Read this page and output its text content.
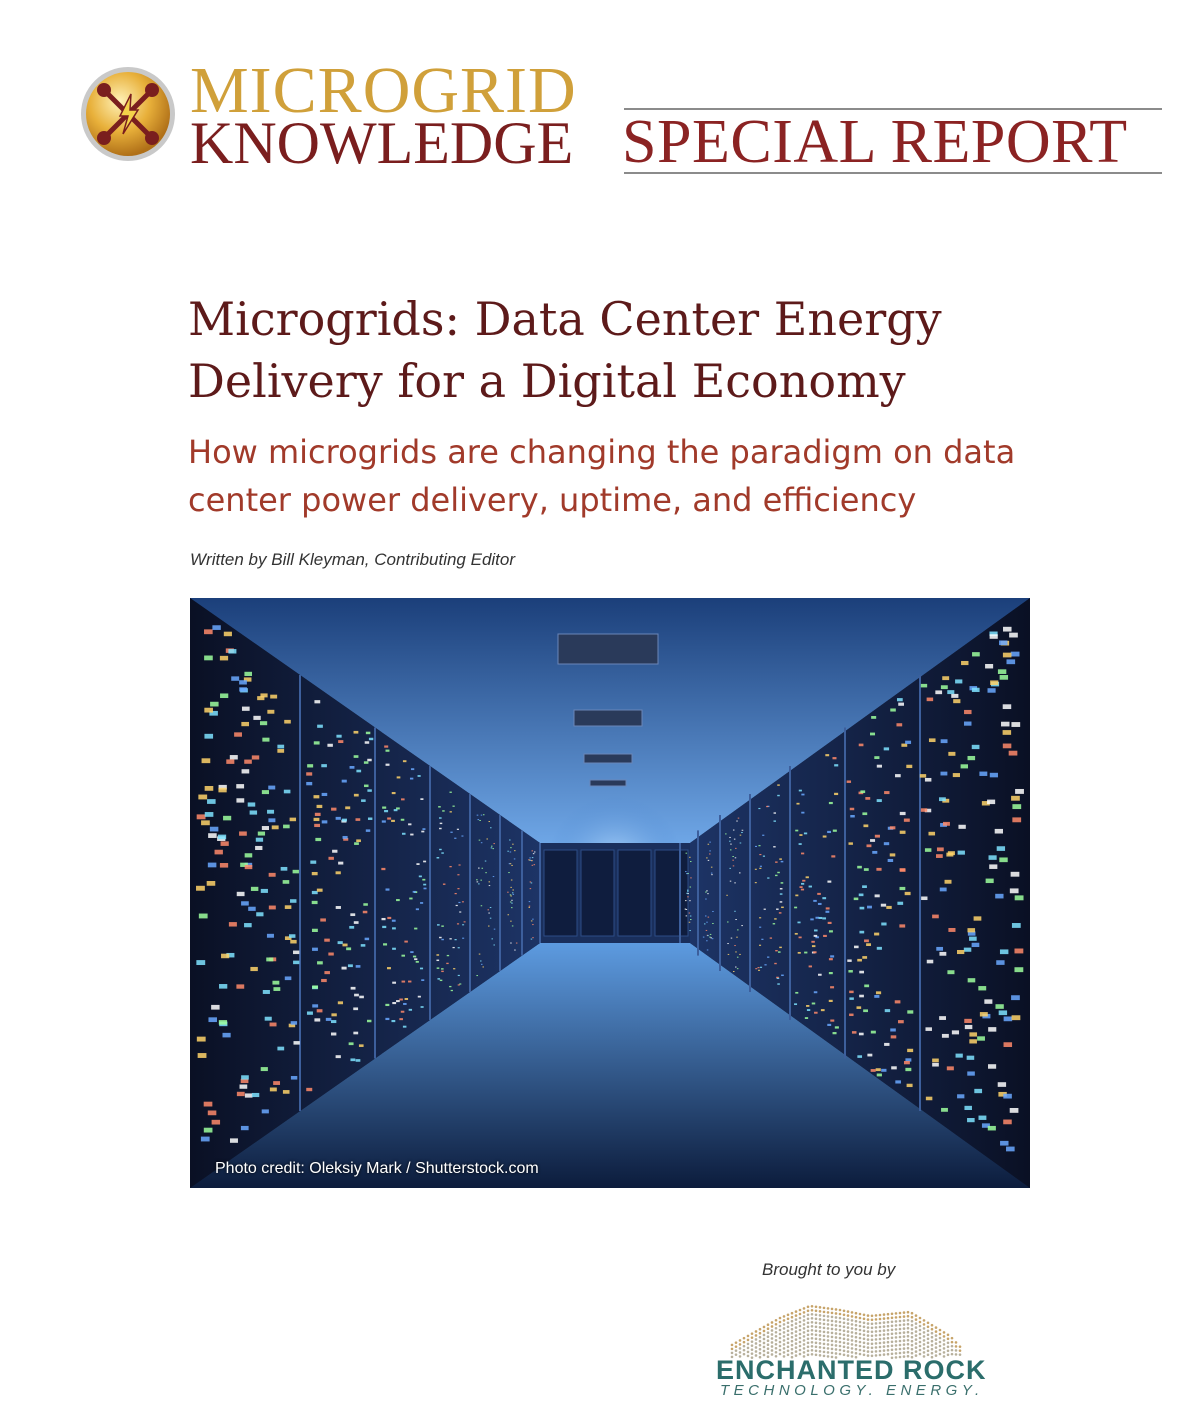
MICROGRID
KNOWLEDGE SPECIAL REPORT
Microgrids: Data Center Energy Delivery for a Digital Economy
How microgrids are changing the paradigm on data center power delivery, uptime, and efficiency
Written by Bill Kleyman, Contributing Editor
Photo credit: Oleksiy Mark / Shutterstock.com
Brought to you by
ENCHANTED ROCK
TECHNOLOGY. ENERGY.
